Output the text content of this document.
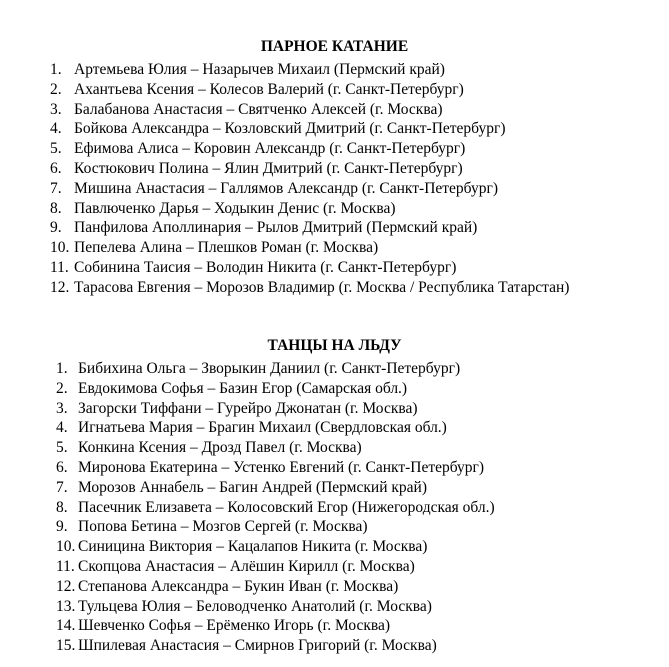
ПАРНОЕ КАТАНИЕ
1. Артемьева Юлия – Назарычев Михаил (Пермский край)
2. Ахантьева Ксения – Колесов Валерий (г. Санкт-Петербург)
3. Балабанова Анастасия – Святченко Алексей (г. Москва)
4. Бойкова Александра – Козловский Дмитрий (г. Санкт-Петербург)
5. Ефимова Алиса – Коровин Александр (г. Санкт-Петербург)
6. Костюкович Полина – Ялин Дмитрий (г. Санкт-Петербург)
7. Мишина Анастасия – Галлямов Александр (г. Санкт-Петербург)
8. Павлюченко Дарья – Ходыкин Денис (г. Москва)
9. Панфилова Аполлинария – Рылов Дмитрий (Пермский край)
10. Пепелева Алина – Плешков Роман (г. Москва)
11. Собинина Таисия – Володин Никита (г. Санкт-Петербург)
12. Тарасова Евгения – Морозов Владимир (г. Москва / Республика Татарстан)
ТАНЦЫ НА ЛЬДУ
1. Бибихина Ольга – Зворыкин Даниил (г. Санкт-Петербург)
2. Евдокимова Софья – Базин Егор (Самарская обл.)
3. Загорски Тиффани – Гурейро Джонатан (г. Москва)
4. Игнатьева Мария – Брагин Михаил (Свердловская обл.)
5. Конкина Ксения – Дрозд Павел (г. Москва)
6. Миронова Екатерина – Устенко Евгений (г. Санкт-Петербург)
7. Морозов Аннабель – Багин Андрей (Пермский край)
8. Пасечник Елизавета – Колосовский Егор (Нижегородская обл.)
9. Попова Бетина – Мозгов Сергей (г. Москва)
10. Синицина Виктория – Кацалапов Никита (г. Москва)
11. Скопцова Анастасия – Алёшин Кирилл (г. Москва)
12. Степанова Александра – Букин Иван (г. Москва)
13. Тульцева Юлия – Беловодченко Анатолий (г. Москва)
14. Шевченко Софья – Ерёменко Игорь (г. Москва)
15. Шпилевая Анастасия – Смирнов Григорий (г. Москва)
